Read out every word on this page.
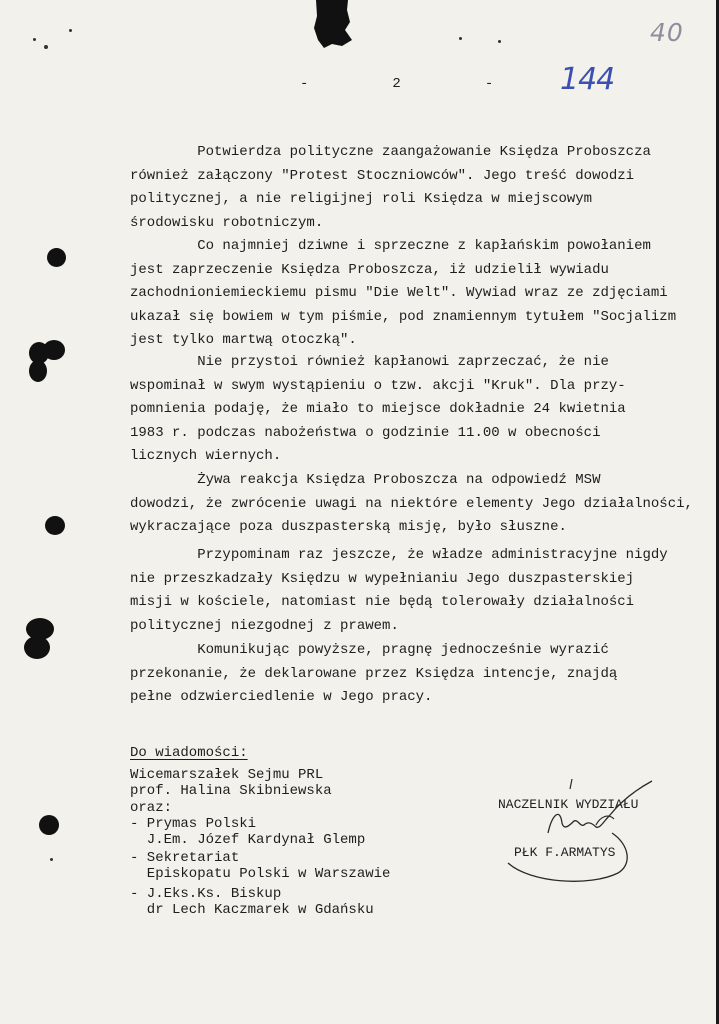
40
144
-          2          -

Potwierdza polityczne zaangażowanie Księdza Proboszcza
również załączony "Protest Stoczniowców". Jego treść dowodzi
politycznej, a nie religijnej roli Księdza w miejscowym
środowisku robotniczym.

Co najmniej dziwne i sprzeczne z kapłańskim powołaniem
jest zaprzeczenie Księdza Proboszcza, iż udzielił wywiadu
zachodnioniemieckiemu pismu "Die Welt". Wywiad wraz ze zdjęciami
ukazał się bowiem w tym piśmie, pod znamiennym tytułem "Socjalizm
jest tylko martwą otoczką".

Nie przystoi również kapłanowi zaprzeczać, że nie
wspominał w swym wystąpieniu o tzw. akcji "Kruk". Dla przy-
pomnienia podaję, że miało to miejsce dokładnie 24 kwietnia
1983 r. podczas nabożeństwa o godzinie 11.00 w obecności
licznych wiernych.

Żywa reakcja Księdza Proboszcza na odpowiedź MSW
dowodzi, że zwrócenie uwagi na niektóre elementy Jego działalności,
wykraczające poza duszpasterską misję, było słuszne.

Przypominam raz jeszcze, że władze administracyjne nigdy
nie przeszkadzały Księdzu w wypełnianiu Jego duszpasterskiej
misji w kościele, natomiast nie będą tolerowały działalności
politycznej niezgodnej z prawem.

Komunikując powyższe, pragnę jednocześnie wyrazić
przekonanie, że deklarowane przez Księdza intencje, znajdą
pełne odzwierciedlenie w Jego pracy.

Do wiadomości:

Wicemarszałek Sejmu PRL
prof. Halina Skibniewska
oraz:
- Prymas Polski
J.Em. Józef Kardynał Glemp

- Sekretariat
Episkopatu Polski w Warszawie

- J.Eks.Ks. Biskup
dr Lech Kaczmarek w Gdańsku

NACZELNIK WYDZIAŁU
PŁK F.ARMATYS
